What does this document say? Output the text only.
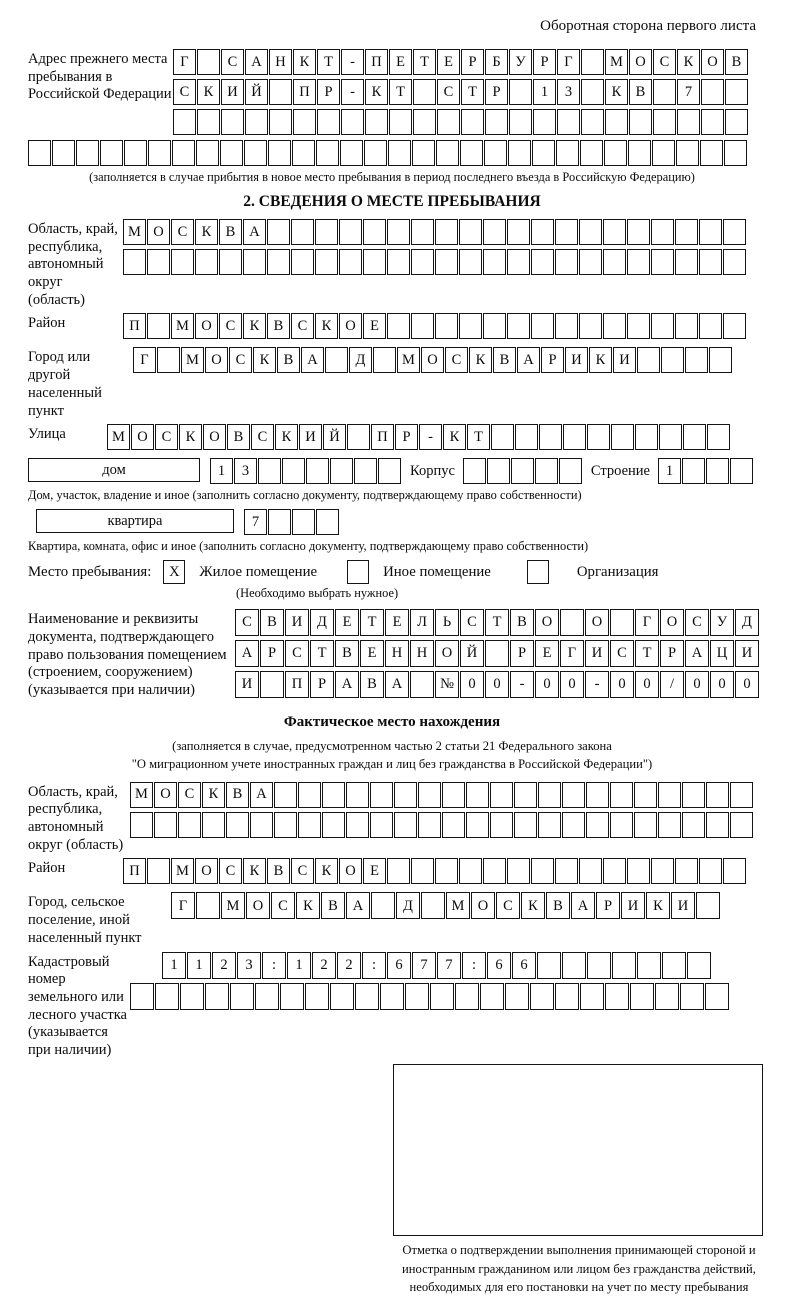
Оборотная сторона первого листа
Адрес прежнего места пребывания в Российской Федерации
Г	С А Н К	Т	-	П Е	Т	Е	Р	Б	У	Р	Г	М О С К О В
С К И Й	П	Р	-	К	Т	С	Т	Р	1	3	К В	7
(заполняется в случае прибытия в новое место пребывания в период последнего въезда в Российскую Федерацию)
2. СВЕДЕНИЯ О МЕСТЕ ПРЕБЫВАНИЯ
Область, край, республика, автономный округ (область)
М О С К В А
Район	П	М О С К В С К О Е
Город или другой населенный пункт
Г	М О С К В А	Д	М О С К В А	Р	И К И
Улица	М О С К О В С К И Й	П	Р	-	К	Т
дом	1	3	Корпус	Строение	1
Дом, участок, владение и иное (заполнить согласно документу, подтверждающему право собственности)
квартира	7
Квартира, комната, офис и иное (заполнить согласно документу, подтверждающему право собственности)
Место пребывания:	X	Жилое помещение	Иное помещение	Организация
(Необходимо выбрать нужное)
Наименование и реквизиты документа, подтверждающего право пользования помещением (строением, сооружением) (указывается при наличии)
С	В	И	Д	Е	Т	Е	Л	Ь	С	Т	В	О	О	Г	О	С	У	Д
А	Р	С	Т	В	Е	Н	Н	О	Й	Р	Е	Г	И	С	Т	Р	А	Ц	И
И	П	Р	А	В	А	№ 0	0	-	0	0	-	0	0	/	0	0	0
Фактическое место нахождения
(заполняется в случае, предусмотренном частью 2 статьи 21 Федерального закона
"О миграционном учете иностранных граждан и лиц без гражданства в Российской Федерации")
Область, край, республика, автономный округ (область)
М О С К В А
Район	П	М О С К В С К О Е
Город, сельское поселение, иной населенный пункт
Г	М О	С	К	В	А	Д	М О	С	К	В	А	Р	И	К	И
Кадастровый номер земельного или лесного участка (указывается при наличии)
1	1	2	3	:	1	2	2	:	6	7	7	:	6	6
Отметка о подтверждении выполнения принимающей стороной и иностранным гражданином или лицом без гражданства действий, необходимых для его постановки на учет по месту пребывания
